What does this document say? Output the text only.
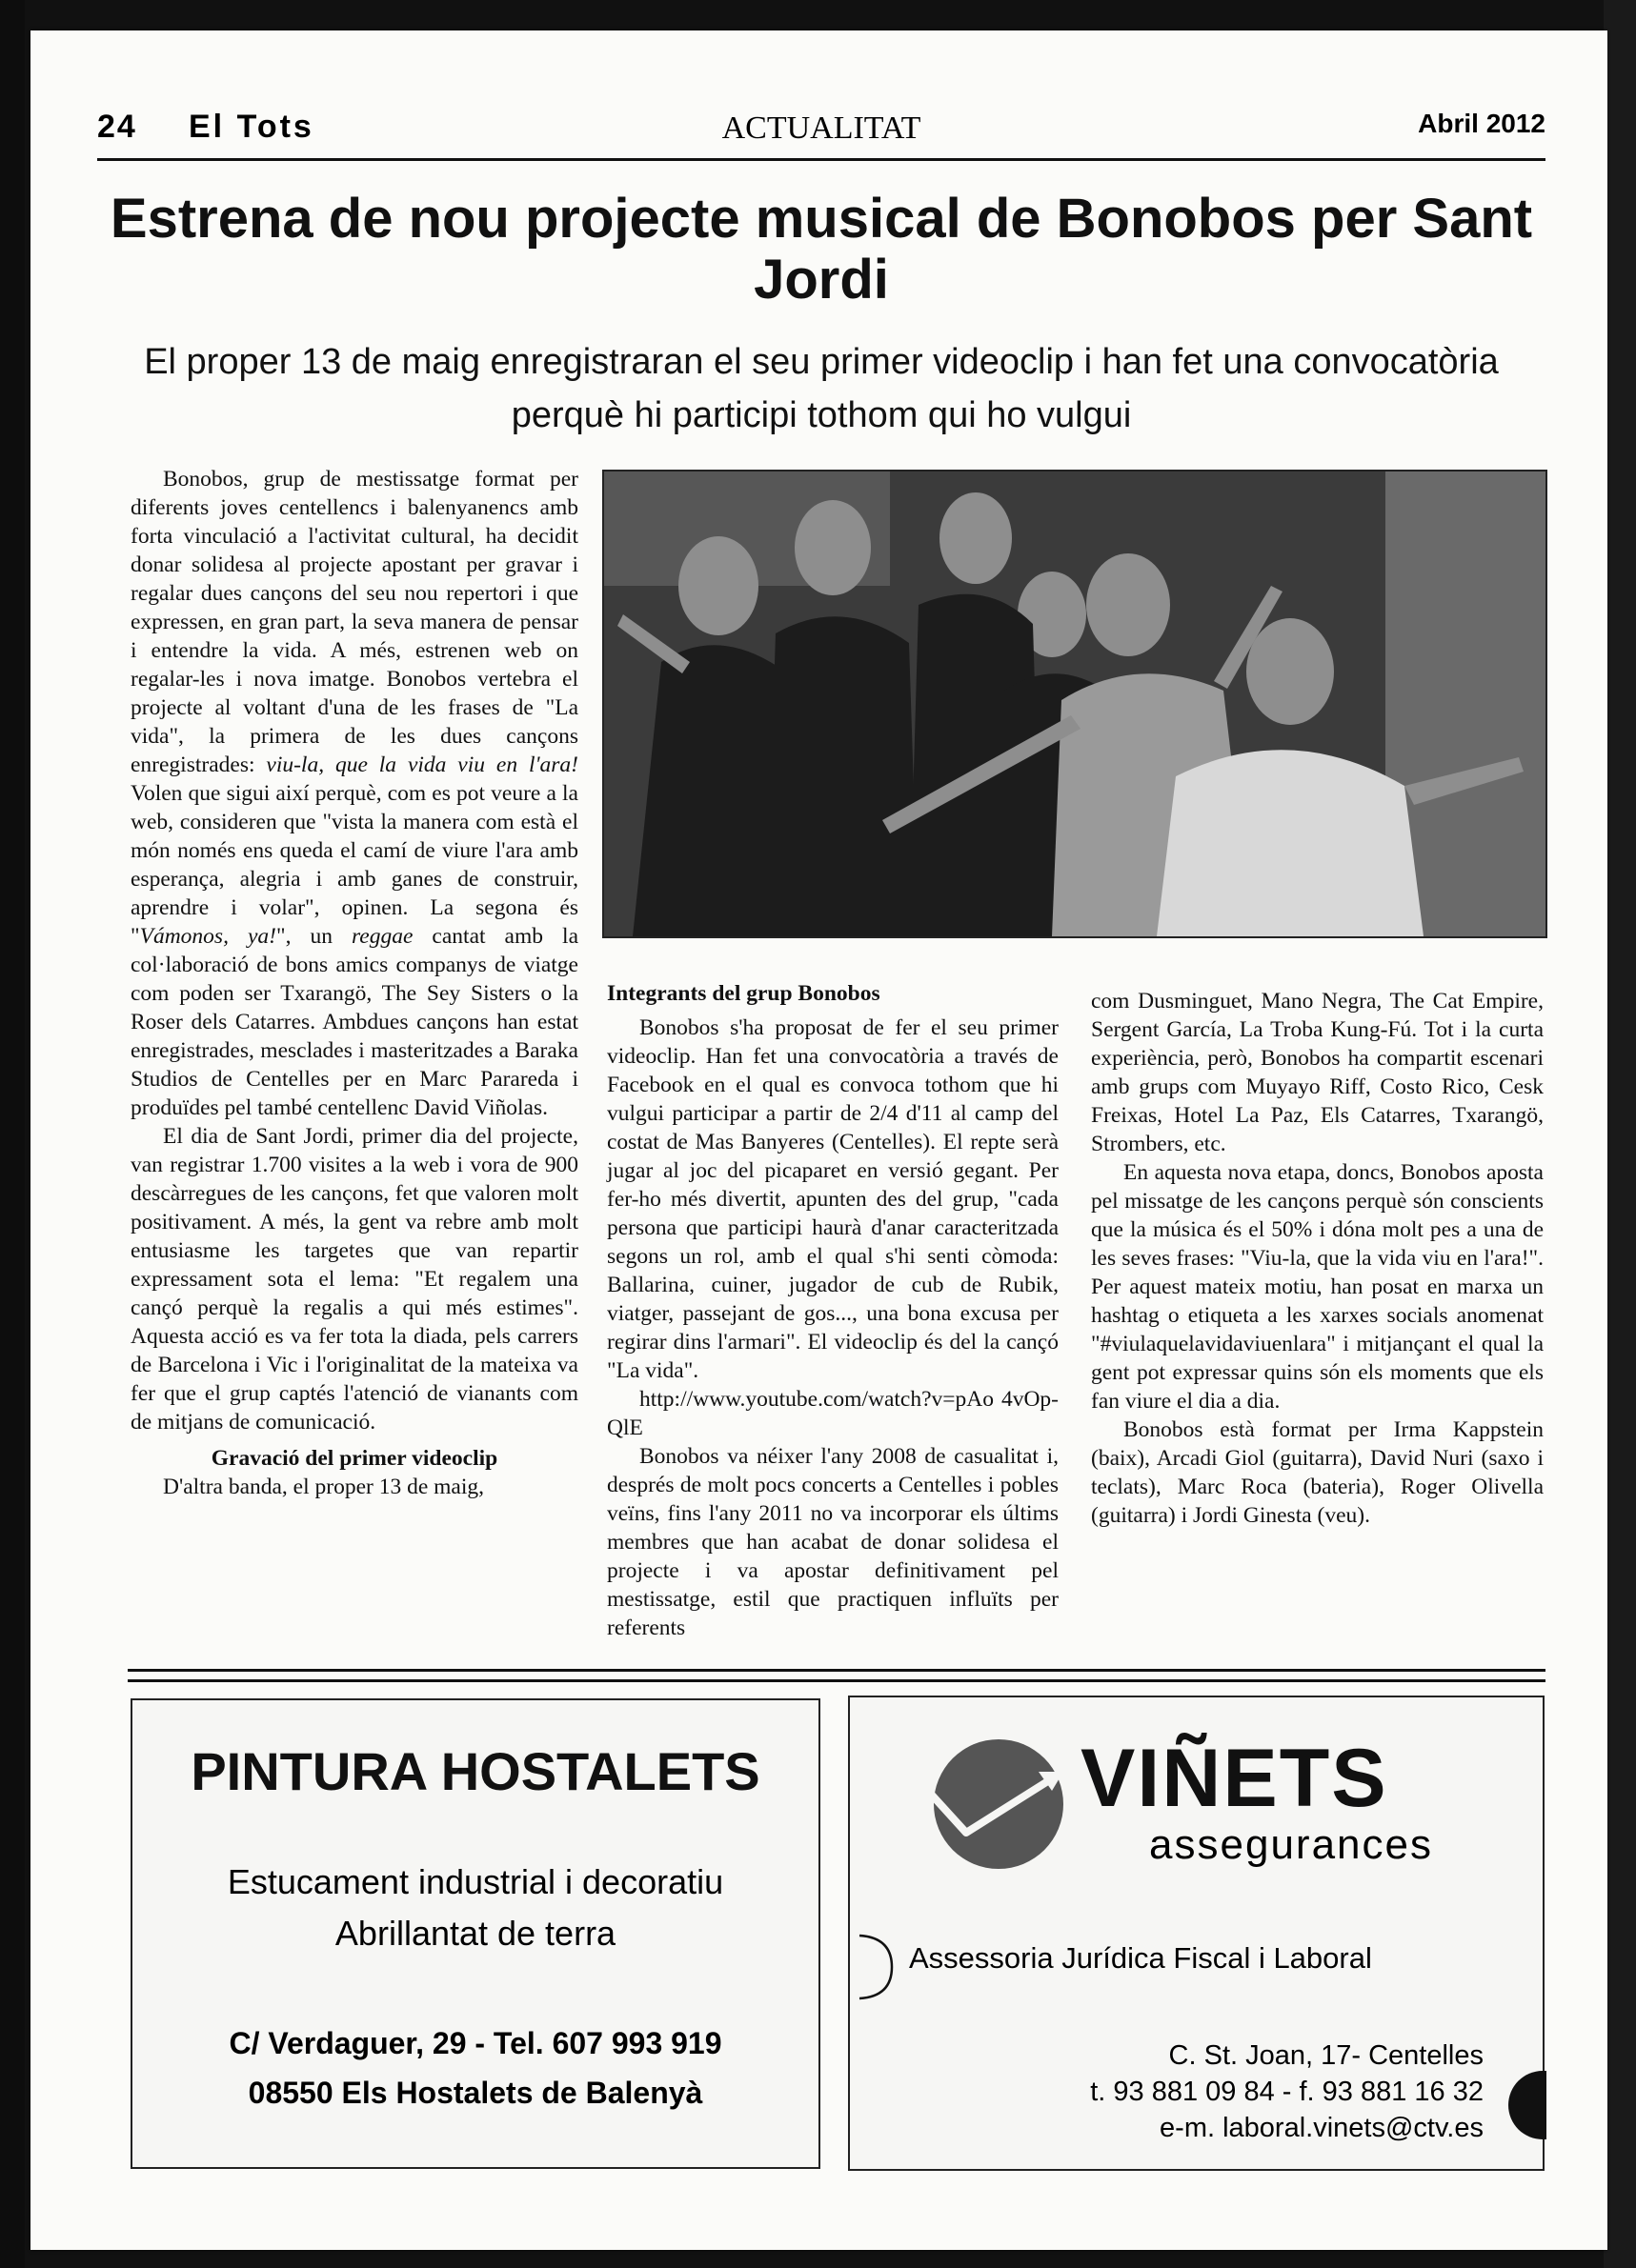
24 El Tots	ACTUALITAT	Abril 2012
Estrena de nou projecte musical de Bonobos per Sant Jordi
El proper 13 de maig enregistraran el seu primer videoclip i han fet una convocatòria perquè hi participi tothom qui ho vulgui

Bonobos, grup de mestissatge format per diferents joves centellencs i balenyanencs amb forta vinculació a l'activitat cultural, ha decidit donar solidesa al projecte apostant per gravar i regalar dues cançons del seu nou repertori i que expressen, en gran part, la seva manera de pensar i entendre la vida. A més, estrenen web on regalar-les i nova imatge. Bonobos vertebra el projecte al voltant d'una de les frases de "La vida", la primera de les dues cançons enregistrades: viu-la, que la vida viu en l'ara! Volen que sigui així perquè, com es pot veure a la web, consideren que "vista la manera com està el món només ens queda el camí de viure l'ara amb esperança, alegria i amb ganes de construir, aprendre i volar", opinen. La segona és "Vámonos, ya!", un reggae cantat amb la col·laboració de bons amics companys de viatge com poden ser Txarangö, The Sey Sisters o la Roser dels Catarres. Ambdues cançons han estat enregistrades, mesclades i masteritzades a Baraka Studios de Centelles per en Marc Parareda i produïdes pel també centellenc David Viñolas.

El dia de Sant Jordi, primer dia del projecte, van registrar 1.700 visites a la web i vora de 900 descàrregues de les cançons, fet que valoren molt positivament. A més, la gent va rebre amb molt entusiasme les targetes que van repartir expressament sota el lema: "Et regalem una cançó perquè la regalis a qui més estimes". Aquesta acció es va fer tota la diada, pels carrers de Barcelona i Vic i l'originalitat de la mateixa va fer que el grup captés l'atenció de vianants com de mitjans de comunicació.

Gravació del primer videoclip

D'altra banda, el proper 13 de maig,

Integrants del grup Bonobos

Bonobos s'ha proposat de fer el seu primer videoclip. Han fet una convocatòria a través de Facebook en el qual es convoca tothom que hi vulgui participar a partir de 2/4 d'11 al camp del costat de Mas Banyeres (Centelles). El repte serà jugar al joc del picaparet en versió gegant. Per fer-ho més divertit, apunten des del grup, "cada persona que participi haurà d'anar caracteritzada segons un rol, amb el qual s'hi senti còmoda: Ballarina, cuiner, jugador de cub de Rubik, viatger, passejant de gos..., una bona excusa per regirar dins l'armari". El videoclip és del la cançó "La vida".

http://www.youtube.com/watch?v=pAo 4vOp-QlE

Bonobos va néixer l'any 2008 de casualitat i, després de molt pocs concerts a Centelles i pobles veïns, fins l'any 2011 no va incorporar els últims membres que han acabat de donar solidesa el projecte i va apostar definitivament pel mestissatge, estil que practiquen influïts per referents

com Dusminguet, Mano Negra, The Cat Empire, Sergent García, La Troba Kung-Fú. Tot i la curta experiència, però, Bonobos ha compartit escenari amb grups com Muyayo Riff, Costo Rico, Cesk Freixas, Hotel La Paz, Els Catarres, Txarangö, Strombers, etc.

En aquesta nova etapa, doncs, Bonobos aposta pel missatge de les cançons perquè són conscients que la música és el 50% i dóna molt pes a una de les seves frases: "Viu-la, que la vida viu en l'ara!". Per aquest mateix motiu, han posat en marxa un hashtag o etiqueta a les xarxes socials anomenat "#viulaquelavidaviuenlara" i mitjançant el qual la gent pot expressar quins són els moments que els fan viure el dia a dia.

Bonobos està format per Irma Kappstein (baix), Arcadi Giol (guitarra), David Nuri (saxo i teclats), Marc Roca (bateria), Roger Olivella (guitarra) i Jordi Ginesta (veu).

PINTURA HOSTALETS
Estucament industrial i decoratiu
Abrillantat de terra
C/ Verdaguer, 29 - Tel. 607 993 919
08550 Els Hostalets de Balenyà
VIÑETS
assegurances
Assessoria Jurídica Fiscal i Laboral
C. St. Joan, 17- Centelles
t. 93 881 09 84 - f. 93 881 16 32
e-m. laboral.vinets@ctv.es
